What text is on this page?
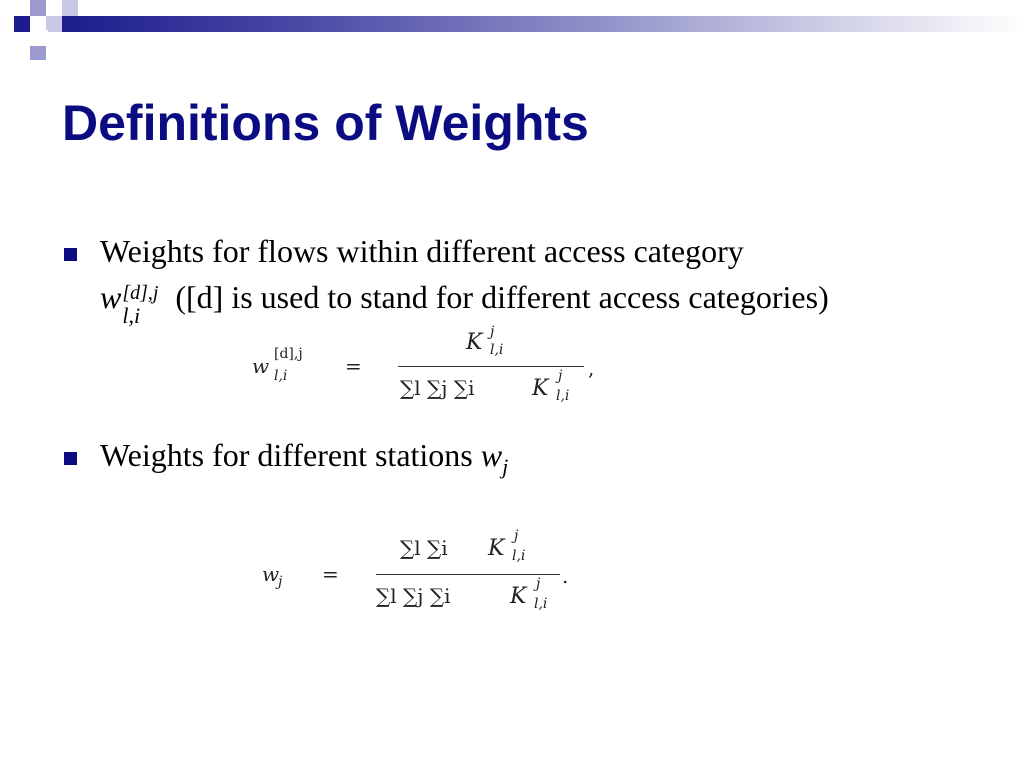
Definitions of Weights
Weights for flows within different access category
w [d],j
l,i
([d] is used to stand for different access categories)
w [d],j
l,i	=
K j
l,i
∑l ∑j ∑i	K j
l,i
,
Weights for different stations $w_j$
w
j =
∑l ∑i K j
l,i
∑l ∑j ∑i	K j
l,i
.
